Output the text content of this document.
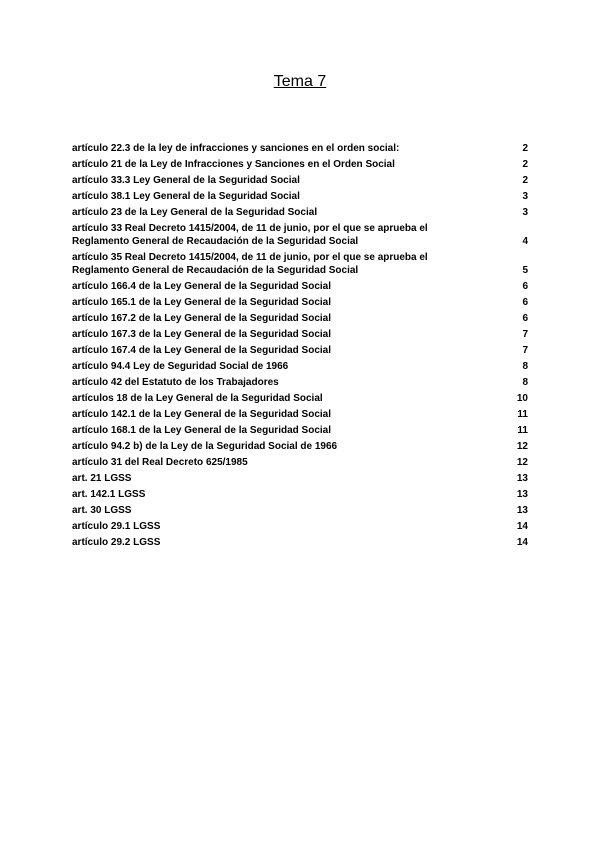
Tema 7
artículo 22.3 de la ley de infracciones y sanciones en el orden social:	2
artículo 21 de la Ley de Infracciones y Sanciones en el Orden Social	2
artículo 33.3 Ley General de la Seguridad Social	2
artículo 38.1 Ley General de la Seguridad Social	3
artículo 23 de la Ley General de la Seguridad Social	3
artículo 33 Real Decreto 1415/2004, de 11 de junio, por el que se aprueba el Reglamento General de Recaudación de la Seguridad Social	4
artículo 35 Real Decreto 1415/2004, de 11 de junio, por el que se aprueba el Reglamento General de Recaudación de la Seguridad Social	5
artículo 166.4 de la Ley General de la Seguridad Social	6
artículo 165.1 de la Ley General de la Seguridad Social	6
artículo 167.2 de la Ley General de la Seguridad Social	6
artículo 167.3 de la Ley General de la Seguridad Social	7
artículo 167.4 de la Ley General de la Seguridad Social	7
artículo 94.4 Ley de Seguridad Social de 1966	8
artículo 42 del Estatuto de los Trabajadores	8
artículos 18 de la Ley General de la Seguridad Social	10
artículo 142.1 de la Ley General de la Seguridad Social	11
artículo 168.1 de la Ley General de la Seguridad Social	11
artículo 94.2 b) de la Ley de la Seguridad Social de 1966	12
artículo 31 del Real Decreto 625/1985	12
art. 21 LGSS	13
art. 142.1 LGSS	13
art. 30 LGSS	13
artículo 29.1 LGSS	14
artículo 29.2 LGSS	14
